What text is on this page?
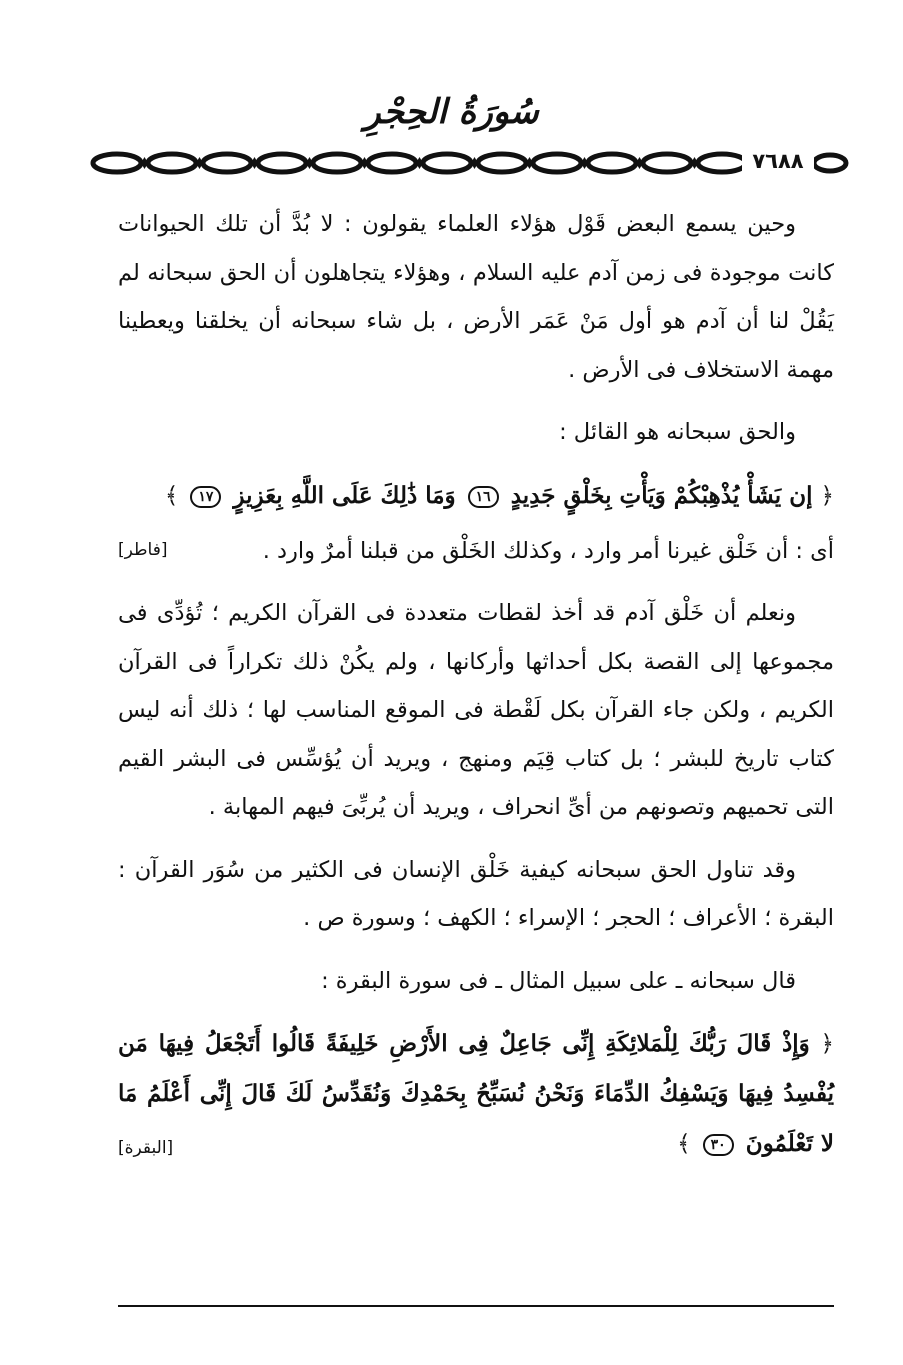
سُورَةُ الحِجْرِ
٧٦٨٨

وحين يسمع البعض قَوْل هؤلاء العلماء يقولون : لا بُدَّ أن تلك الحيوانات كانت موجودة فى زمن آدم عليه السلام ، وهؤلاء يتجاهلون أن الحق سبحانه لم يَقُلْ لنا أن آدم هو أول مَنْ عَمَر الأرض ، بل شاء سبحانه أن يخلقنا ويعطينا مهمة الاستخلاف فى الأرض .

والحق سبحانه هو القائل :

﴿ إن يَشَأْ يُذْهِبْكُمْ وَيَأْتِ بِخَلْقٍ جَدِيدٍ ١٦ وَمَا ذَٰلِكَ عَلَى اللَّهِ بِعَزِيزٍ ١٧ ﴾
[فاطر]	أى : أن خَلْق غيرنا أمر وارد ، وكذلك الخَلْق من قبلنا أمرٌ وارد .

ونعلم أن خَلْق آدم قد أخذ لقطات متعددة فى القرآن الكريم ؛ تُؤدِّى فى مجموعها إلى القصة بكل أحداثها وأركانها ، ولم يكُنْ ذلك تكراراً فى القرآن الكريم ، ولكن جاء القرآن بكل لَقْطة فى الموقع المناسب لها ؛ ذلك أنه ليس كتاب تاريخ للبشر ؛ بل كتاب قِيَم ومنهج ، ويريد أن يُؤسِّس فى البشر القيم التى تحميهم وتصونهم من أىِّ انحراف ، ويريد أن يُربِّىَ فيهم المهابة .

وقد تناول الحق سبحانه كيفية خَلْق الإنسان فى الكثير من سُوَر القرآن : البقرة ؛ الأعراف ؛ الحجر ؛ الإسراء ؛ الكهف ؛ وسورة ص .

قال سبحانه ـ على سبيل المثال ـ فى سورة البقرة :

﴿ وَإِذْ قَالَ رَبُّكَ لِلْمَلائِكَةِ إِنِّى جَاعِلٌ فِى الأَرْضِ خَلِيفَةً قَالُوا أَتَجْعَلُ فِيهَا مَن يُفْسِدُ فِيهَا وَيَسْفِكُ الدِّمَاءَ وَنَحْنُ نُسَبِّحُ بِحَمْدِكَ وَنُقَدِّسُ لَكَ قَالَ إِنِّى أَعْلَمُ مَا لا تَعْلَمُونَ ٣٠ ﴾
[البقرة]
